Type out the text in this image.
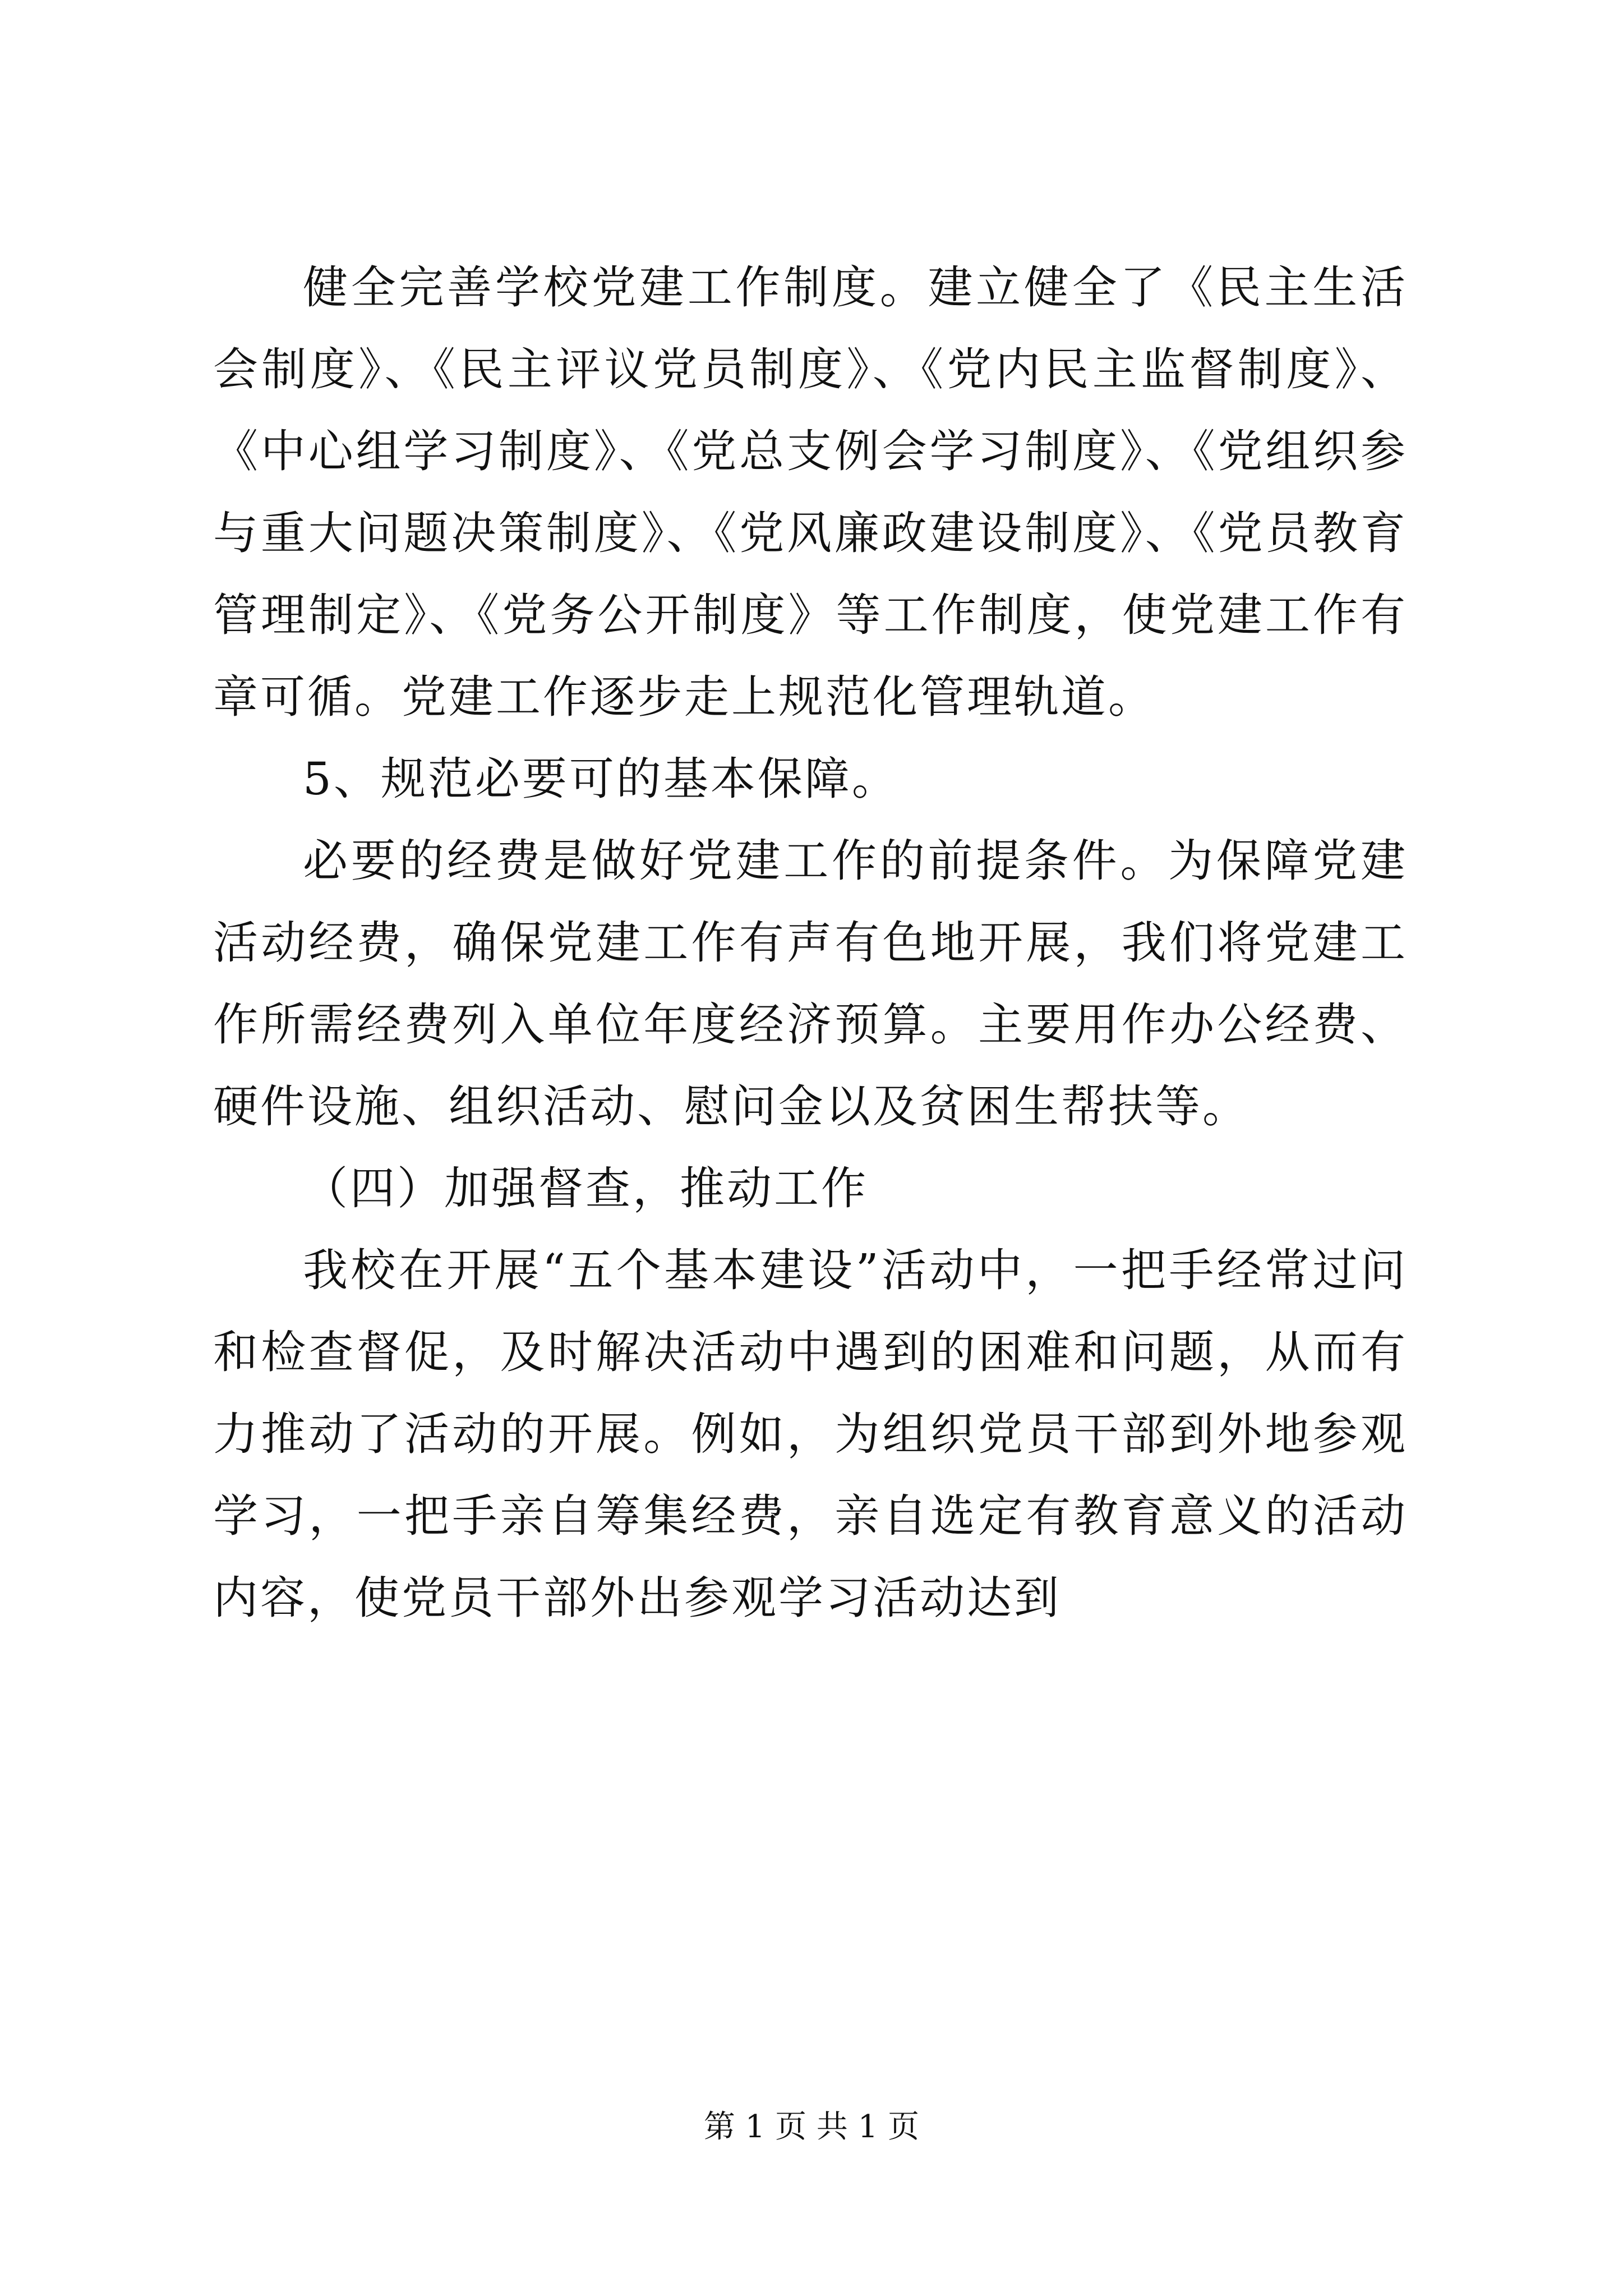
健全完善学校党建工作制度。建立健全了《民主生活会制度》、《民主评议党员制度》、《党内民主监督制度》、《中心组学习制度》、《党总支例会学习制度》、《党组织参与重大问题决策制度》、《党风廉政建设制度》、《党员教育管理制定》、《党务公开制度》等工作制度，使党建工作有章可循。党建工作逐步走上规范化管理轨道。

5、规范必要可的基本保障。

必要的经费是做好党建工作的前提条件。为保障党建活动经费，确保党建工作有声有色地开展，我们将党建工作所需经费列入单位年度经济预算。主要用作办公经费、硬件设施、组织活动、慰问金以及贫困生帮扶等。

（四）加强督查，推动工作

我校在开展“五个基本建设”活动中，一把手经常过问和检查督促，及时解决活动中遇到的困难和问题，从而有力推动了活动的开展。例如，为组织党员干部到外地参观学习，一把手亲自筹集经费，亲自选定有教育意义的活动内容，使党员干部外出参观学习活动达到

第 1 页 共 1 页
